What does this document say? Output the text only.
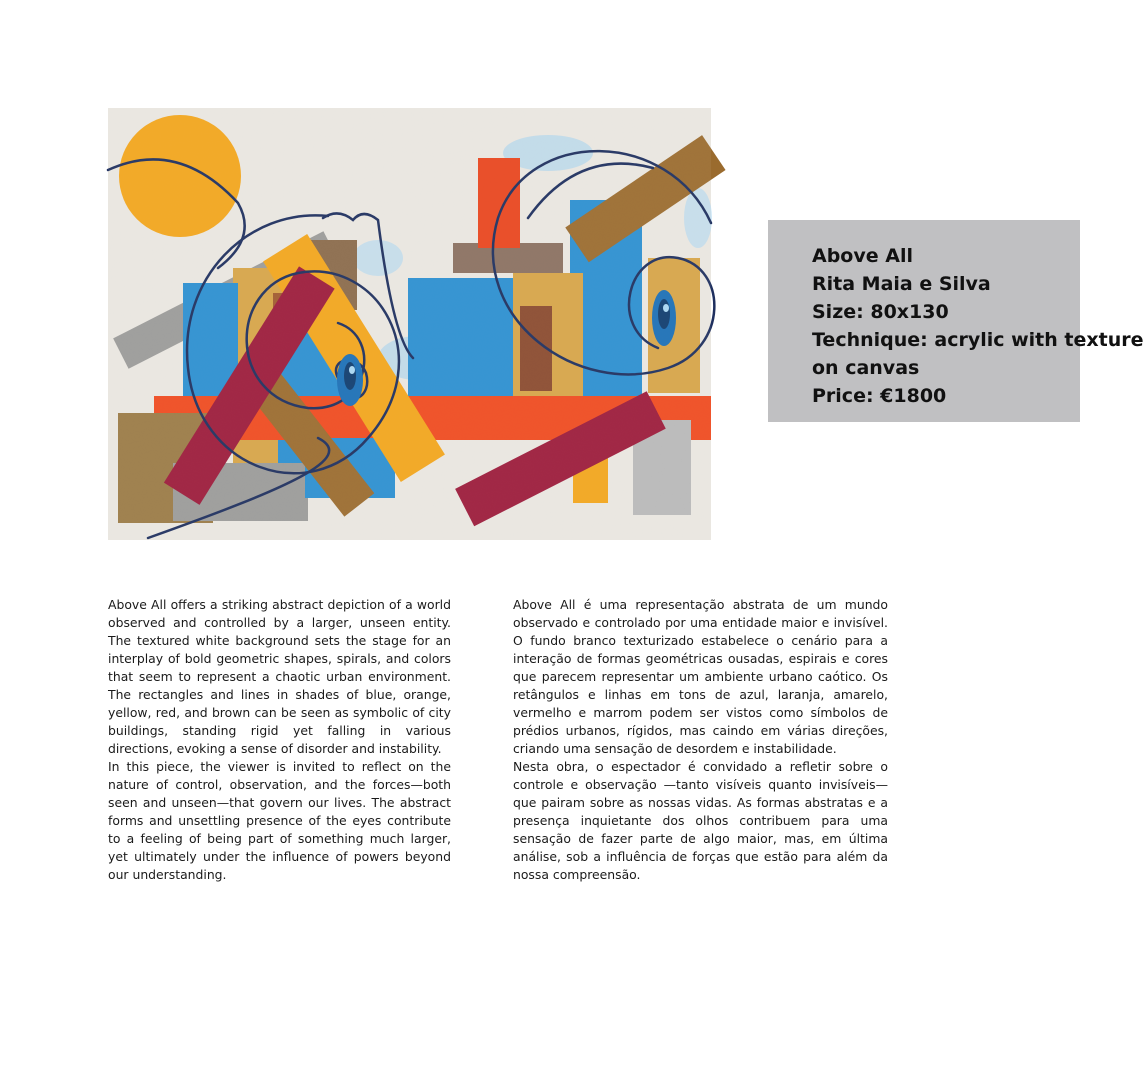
Above All
Rita Maia e Silva
Size: 80x130
Technique: acrylic with texture
on canvas
Price: €1800

Above All offers a striking abstract depiction of a world observed and controlled by a larger, unseen entity. The textured white background sets the stage for an interplay of bold geometric shapes, spirals, and colors that seem to represent a chaotic urban environment. The rectangles and lines in shades of blue, orange, yellow, red, and brown can be seen as symbolic of city buildings, standing rigid yet falling in various directions, evoking a sense of disorder and instability.

In this piece, the viewer is invited to reflect on the nature of control, observation, and the forces—both seen and unseen—that govern our lives. The abstract forms and unsettling presence of the eyes contribute to a feeling of being part of something much larger, yet ultimately under the influence of powers beyond our understanding.

Above All é uma representação abstrata de um mundo observado e controlado por uma entidade maior e invisível. O fundo branco texturizado estabelece o cenário para a interação de formas geométricas ousadas, espirais e cores que parecem representar um ambiente urbano caótico. Os retângulos e linhas em tons de azul, laranja, amarelo, vermelho e marrom podem ser vistos como símbolos de prédios urbanos, rígidos, mas caindo em várias direções, criando uma sensação de desordem e instabilidade.

Nesta obra, o espectador é convidado a refletir sobre o controle e observação —tanto visíveis quanto invisíveis— que pairam sobre as nossas vidas. As formas abstratas e a presença inquietante dos olhos contribuem para uma sensação de fazer parte de algo maior, mas, em última análise, sob a influência de forças que estão para além da nossa compreensão.
